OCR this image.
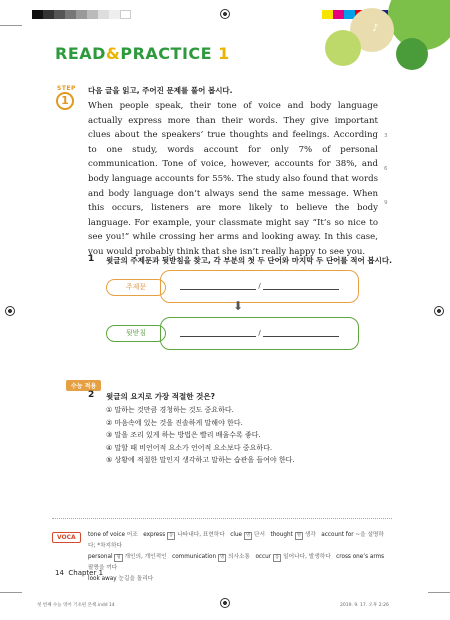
♪
READ&PRACTICE 1
STEP
1
다음 글을 읽고, 주어진 문제를 풀어 봅시다.
When people speak, their tone of voice and body language actually express more than their words. They give important clues about the speakers’ true thoughts and feelings. According to one study, words account for only 7% of personal communication. Tone of voice, however, accounts for 38%, and body language accounts for 55%. The study also found that words and body language don’t always send the same message. When this occurs, listeners are more likely to believe the body language. For example, your classmate might say “It’s so nice to see you!” while crossing her arms and looking away. In this case, you would probably think that she isn’t really happy to see you.
3
6
9
1 윗글의 주제문과 뒷받침을 찾고, 각 부분의 첫 두 단어와 마지막 두 단어를 적어 봅시다.
/
주제문
⬇
/
뒷받침
수능 적용
2 윗글의 요지로 가장 적절한 것은?
① 말하는 것만큼 경청하는 것도 중요하다.
② 마음속에 있는 것을 진솔하게 말해야 한다.
③ 말을 조리 있게 하는 방법은 빨리 배울수록 좋다.
④ 말할 때 비언어적 요소가 언어적 요소보다 중요하다.
⑤ 상황에 적절한 말인지 생각하고 말하는 습관을 들여야 한다.
VOCA	tone of voice 어조 express 동 나타내다, 표현하다 clue 명 단서 thought 명 생각 account for ~을 설명하다; *차지하다
personal 형 개인의, 개인적인 communication 명 의사소통 occur 동 일어나다, 발생하다 cross one’s arms 팔짱을 끼다
look away 눈길을 돌리다
14 Chapter 1
첫 번째 수능 영어 기초편 본책.indd 14	2019. 9. 17. 오후 2:26
